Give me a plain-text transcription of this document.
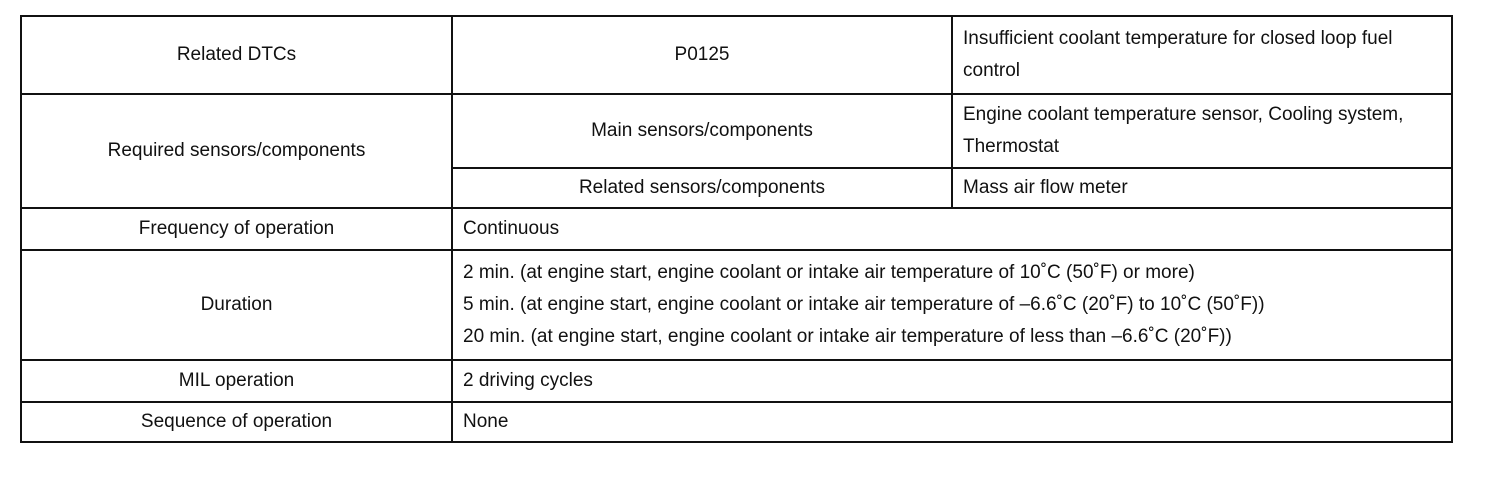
Related DTCs	P0125	Insufficient coolant temperature for closed loop fuel control
Required sensors/components	Main sensors/components	Engine coolant temperature sensor, Cooling system, Thermostat
	Related sensors/components	Mass air flow meter
Frequency of operation	Continuous	
Duration	2 min. (at engine start, engine coolant or intake air temperature of 10˚C (50˚F) or more)
5 min. (at engine start, engine coolant or intake air temperature of –6.6˚C (20˚F) to 10˚C (50˚F))
20 min. (at engine start, engine coolant or intake air temperature of less than –6.6˚C (20˚F))	

MIL operation	2 driving cycles	
Sequence of operation	None	
